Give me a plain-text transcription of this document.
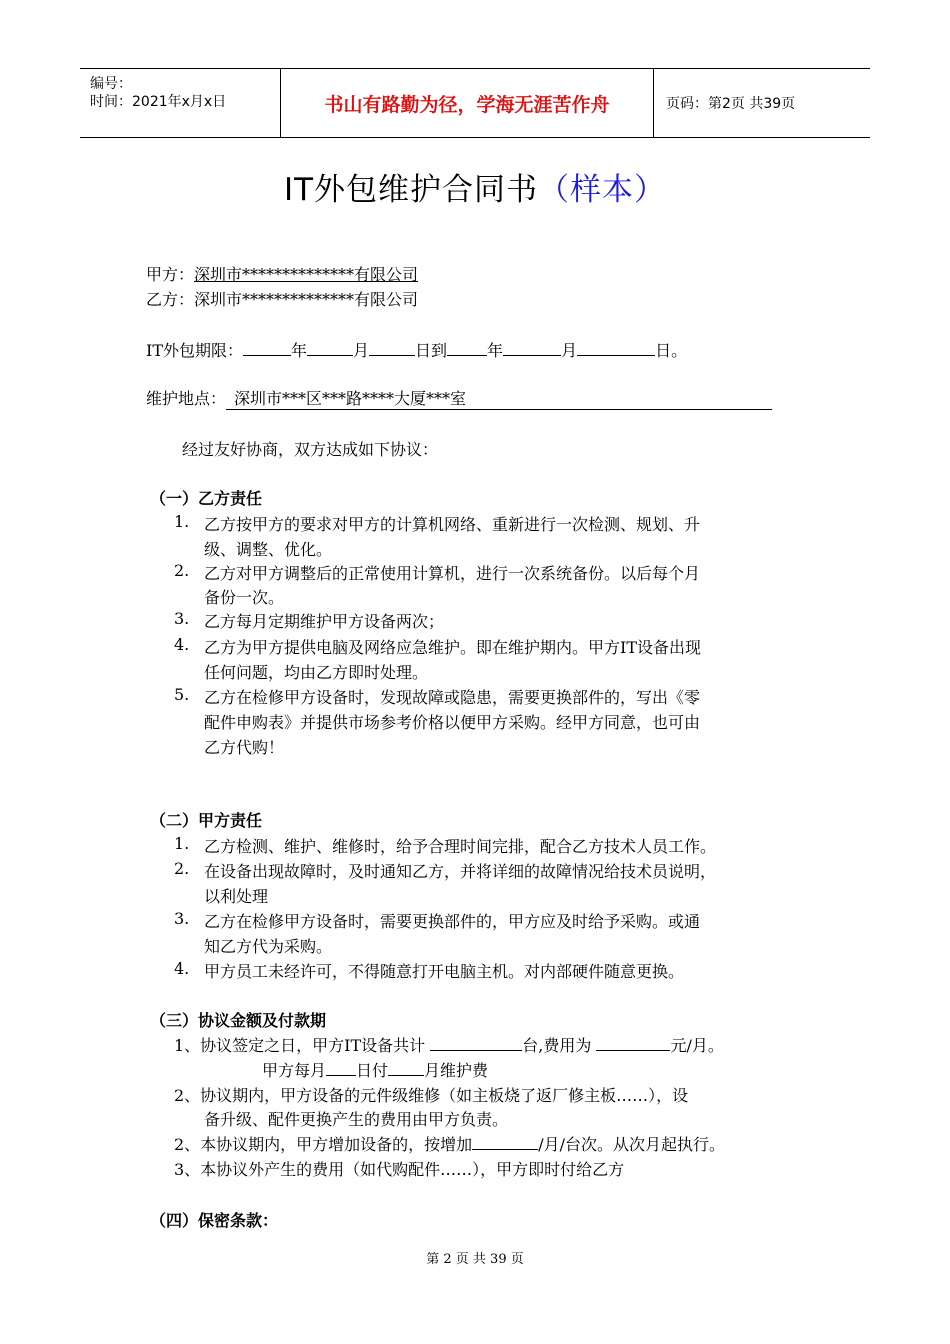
编号：
时间：2021年x月x日	书山有路勤为径，学海无涯苦作舟	页码：第2页 共39页
IT外包维护合同书（样本）
甲方：深圳市**************有限公司
乙方：深圳市**************有限公司
IT外包期限：	年	月	日到	年	月	日。
维护地点： 深圳市***区***路****大厦***室
经过友好协商，双方达成如下协议：
（一）乙方责任
1. 乙方按甲方的要求对甲方的计算机网络、重新进行一次检测、规划、升
级、调整、优化。
2. 乙方对甲方调整后的正常使用计算机，进行一次系统备份。以后每个月
备份一次。
3. 乙方每月定期维护甲方设备两次；
4. 乙方为甲方提供电脑及网络应急维护。即在维护期内。甲方IT设备出现
任何问题，均由乙方即时处理。
5. 乙方在检修甲方设备时，发现故障或隐患，需要更换部件的，写出《零
配件申购表》并提供市场参考价格以便甲方采购。经甲方同意，也可由
乙方代购！
（二）甲方责任
1. 乙方检测、维护、维修时，给予合理时间完排，配合乙方技术人员工作。
2. 在设备出现故障时，及时通知乙方，并将详细的故障情况给技术员说明，
以利处理
3. 乙方在检修甲方设备时，需要更换部件的，甲方应及时给予采购。或通
知乙方代为采购。
4. 甲方员工未经许可，不得随意打开电脑主机。对内部硬件随意更换。
（三）协议金额及付款期
1、协议签定之日，甲方IT设备共计	台,费用为	元/月。
甲方每月 日付 月维护费
2、协议期内，甲方设备的元件级维修（如主板烧了返厂修主板……），设
备升级、配件更换产生的费用由甲方负责。
2、本协议期内，甲方增加设备的，按增加	/月/台次。从次月起执行。
3、本协议外产生的费用（如代购配件……），甲方即时付给乙方
（四）保密条款：
第 2 页 共 39 页
